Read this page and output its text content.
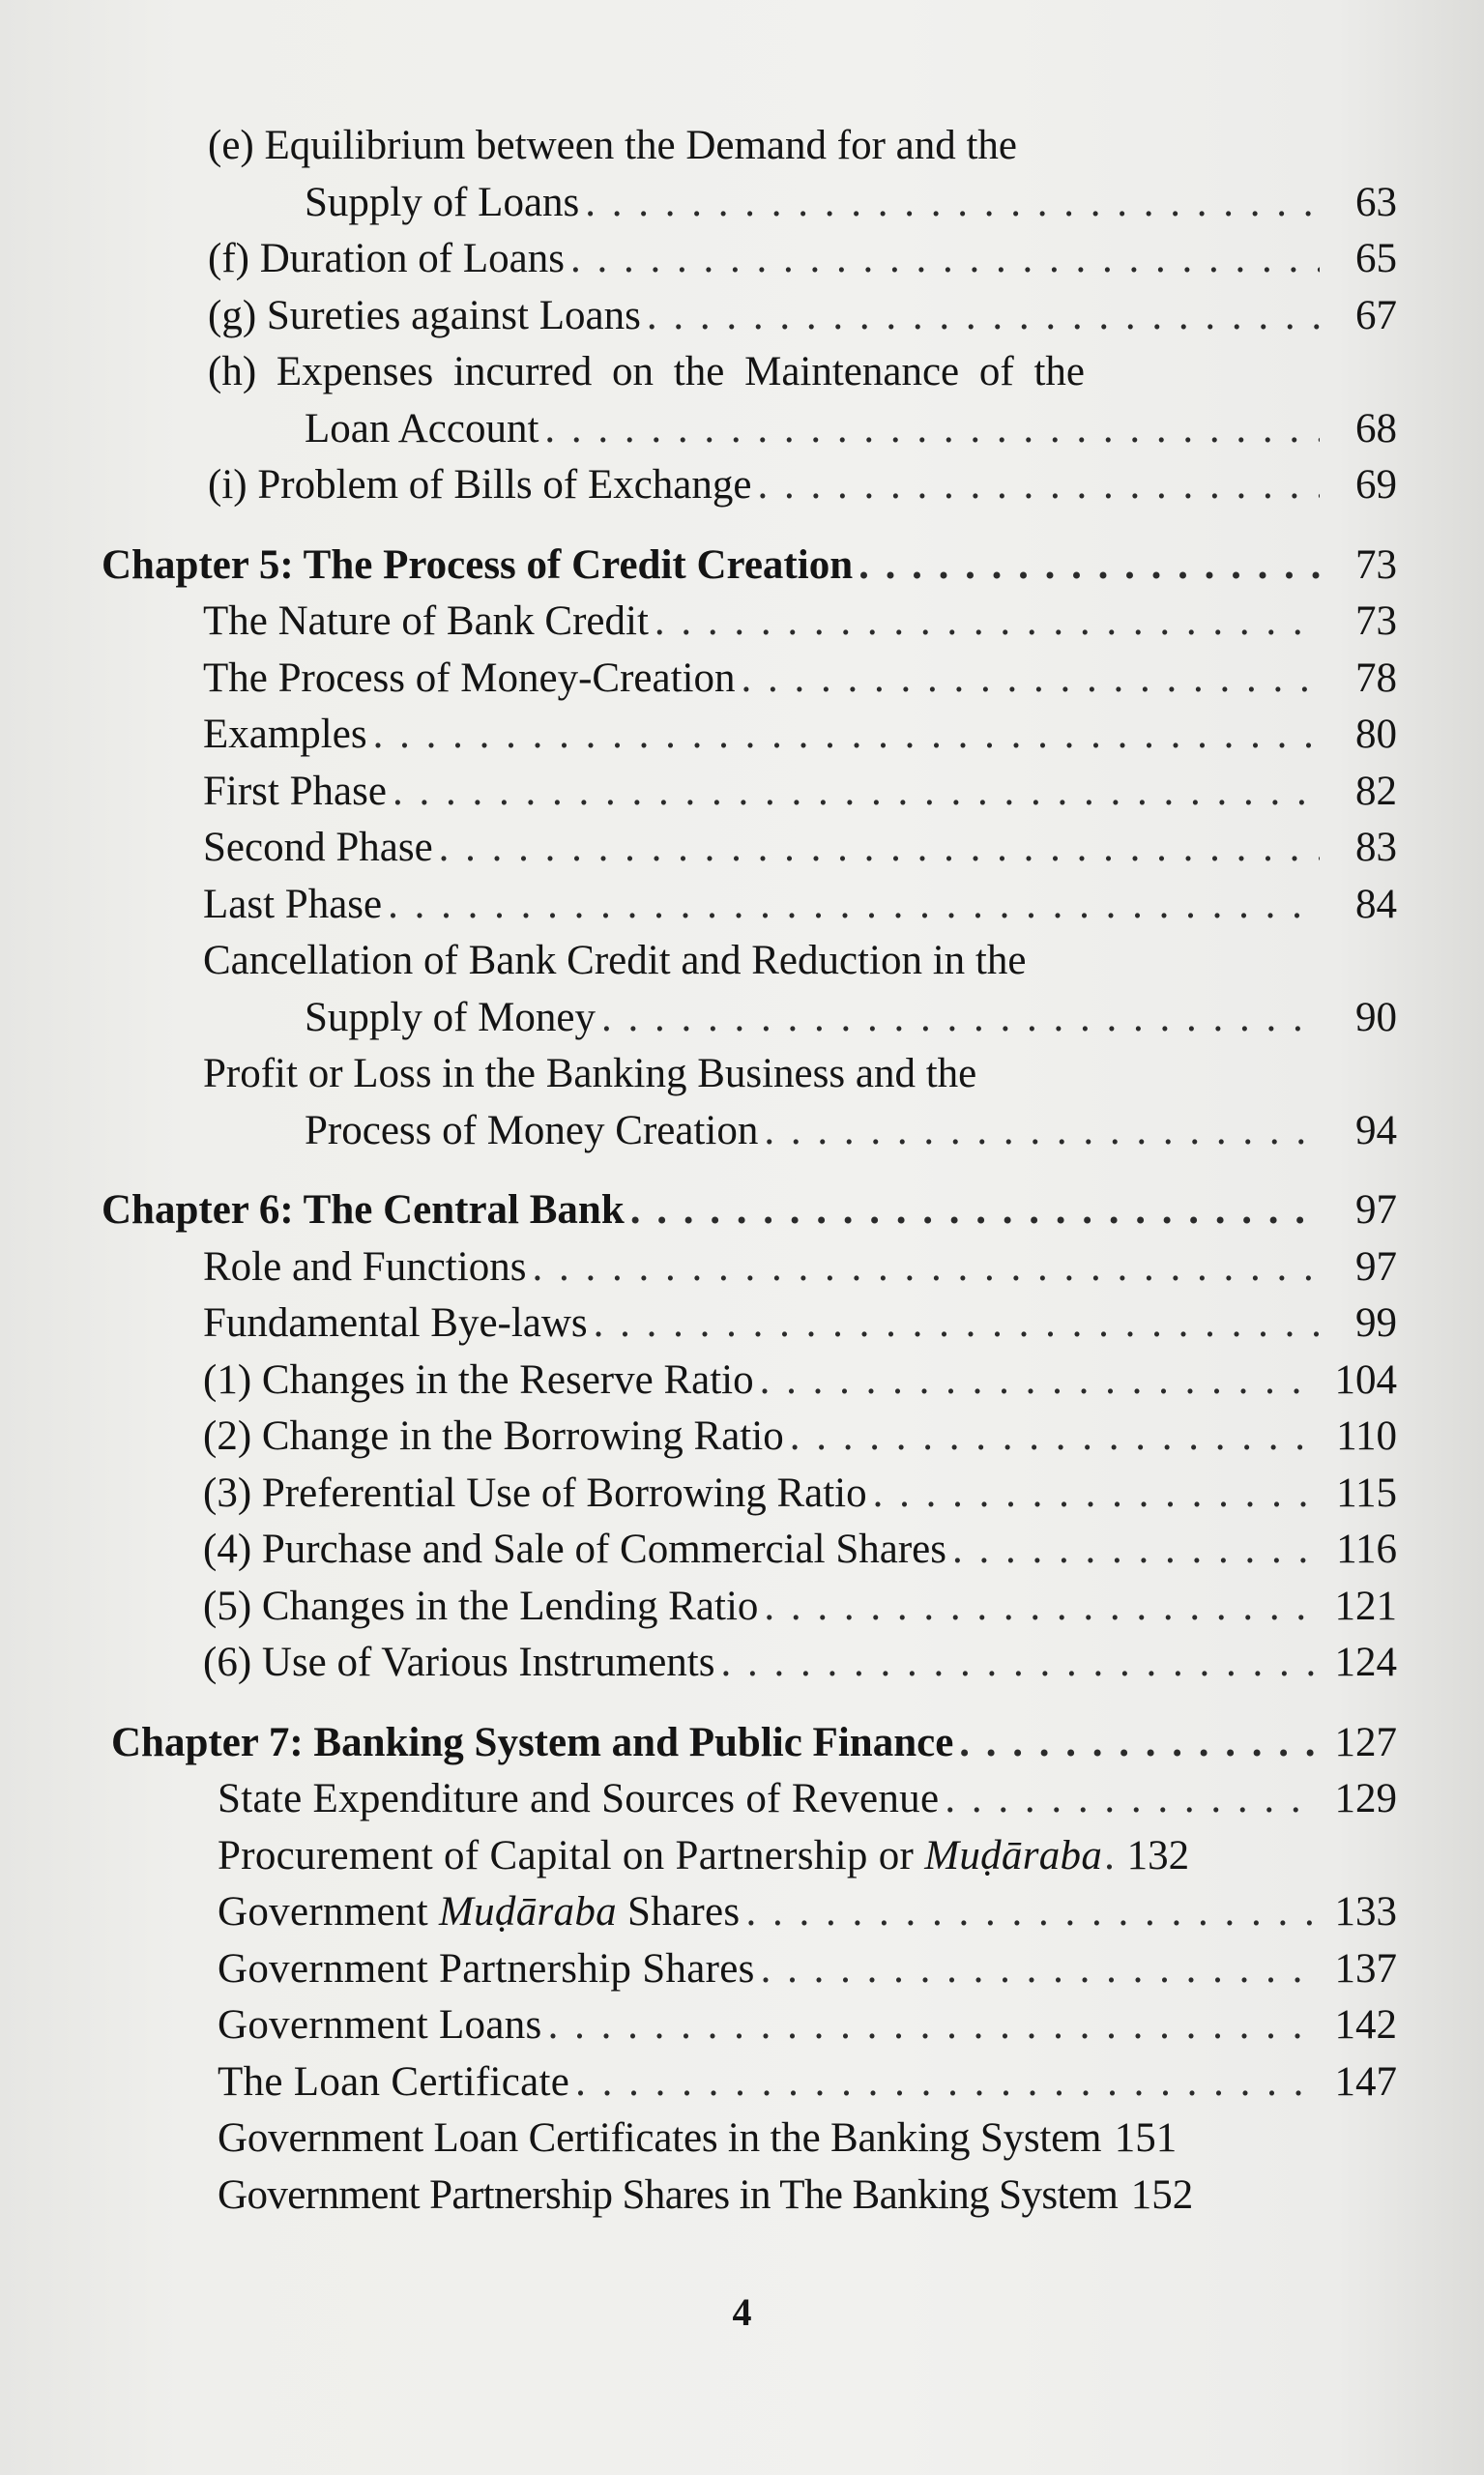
(e) Equilibrium between the Demand for and the
Supply of Loans . . .	63
(f) Duration of Loans . . .	65
(g) Sureties against Loans . . .	67
(h) Expenses incurred on the Maintenance of the
Loan Account . . .	68
(i) Problem of Bills of Exchange . . .	69
Chapter 5: The Process of Credit Creation . . .	73
The Nature of Bank Credit . . .	73
The Process of Money-Creation . . .	78
Examples . . .	80
First Phase . . .	82
Second Phase . . .	83
Last Phase . . .	84
Cancellation of Bank Credit and Reduction in the
Supply of Money . . .	90
Profit or Loss in the Banking Business and the
Process of Money Creation . . .	94
Chapter 6: The Central Bank . . .	97
Role and Functions . . .	97
Fundamental Bye-laws . . .	99
(1) Changes in the Reserve Ratio . . .	104
(2) Change in the Borrowing Ratio . . .	110
(3) Preferential Use of Borrowing Ratio . . .	115
(4) Purchase and Sale of Commercial Shares . . .	116
(5) Changes in the Lending Ratio . . .	121
(6) Use of Various Instruments . . .	124
Chapter 7: Banking System and Public Finance . . .	127
State Expenditure and Sources of Revenue . . .	129
Procurement of Capital on Partnership or Muḍāraba . . . 132
Government Muḍāraba Shares . . .	133
Government Partnership Shares . . .	137
Government Loans . . .	142
The Loan Certificate . . .	147
Government Loan Certificates in the Banking System 151
Government Partnership Shares in The Banking System 152
4
